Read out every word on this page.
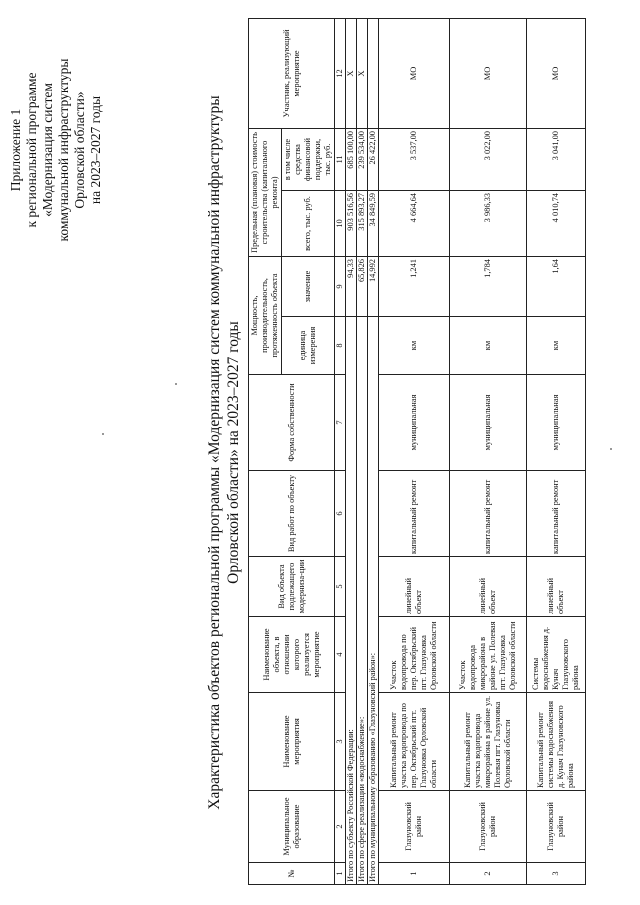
Приложение 1 к региональной программе «Модернизация систем коммунальной инфраструктуры Орловской области» на 2023–2027 годы	Характеристика объектов региональной программы «Модернизация систем коммунальной инфраструктуры Орловской области» на 2023–2027 годы
№	Муниципальное образование	Наименование мероприятия	Наименование объекта, в отношении которого реализуется мероприятие	Вид объекта подлежащего модерниза-ции	Вид работ по объекту	Форма собственности	Мощность, производительность, протяженность объекта		Предельная (плановая) стоимость строительства (капитального ремонта)		Участник, реализующий мероприятие
							единица измерения	значение	всего, тыс. руб.	в том числе средства финансовой поддержки, тыс. руб.	
1	2	3	4	5	6	7	8	9	10	11	12
Итого по субъекту Российской Федерации:								94,33	903 516,56	685 100,00	Х
Итого по сфере реализации «водоснабжение»:								65,826	315 893,27	239 534,00	Х
Итого по муниципальному образованию «Глазуновский район»:								14,992	34 849,59	26 422,00	
1	Глазуновский район	Капитальный ремонт участка водопровода по пер. Октябрьский пгт. Глазуновка Орловской области	Участок водопровода по пер. Октябрьский пгт. Глазуновка Орловской области	линейный объект	капитальный ремонт	муниципальная	км	1,241	4 664,64	3 537,00	МО
2	Глазуновский район	Капитальный ремонт участка водопровода микрорайона в районе ул. Полевая пгт. Глазуновка Орловской области	Участок водопровода микрорайона в районе ул. Полевая пгт. Глазуновка Орловской области	линейный объект	капитальный ремонт	муниципальная	км	1,784	3 986,33	3 022,00	МО
3	Глазуновский район	Капитальный ремонт системы водоснабжения д. Кунач Глазуновского района	Системы водоснабжения д. Кунач Глазуновского района	линейный объект	капитальный ремонт	муниципальная	км	1,64	4 010,74	3 041,00	МО
